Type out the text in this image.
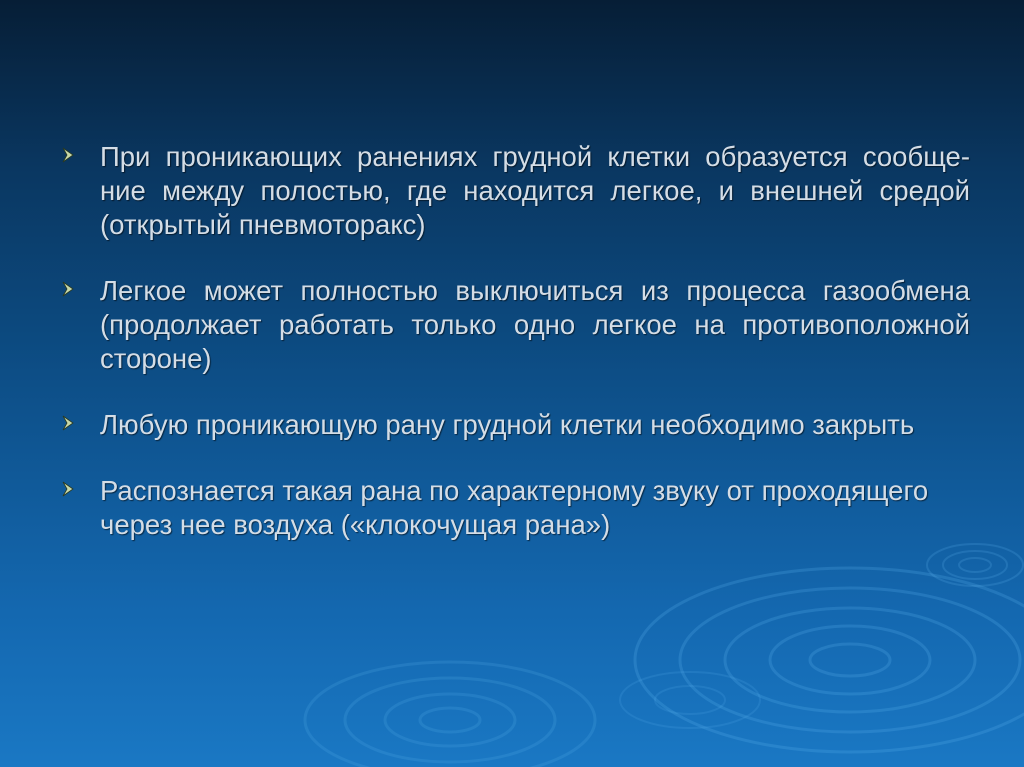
При проникающих ранениях грудной клетки образуется сообще-ние между полостью, где находится легкое, и внешней средой (открытый пневмоторакс)
Легкое может полностью выключиться из процесса газообмена (продолжает работать только одно легкое на противоположной стороне)
Любую проникающую рану грудной клетки необходимо закрыть
Распознается такая рана по характерному звуку от проходящего через нее воздуха («клокочущая рана»)
